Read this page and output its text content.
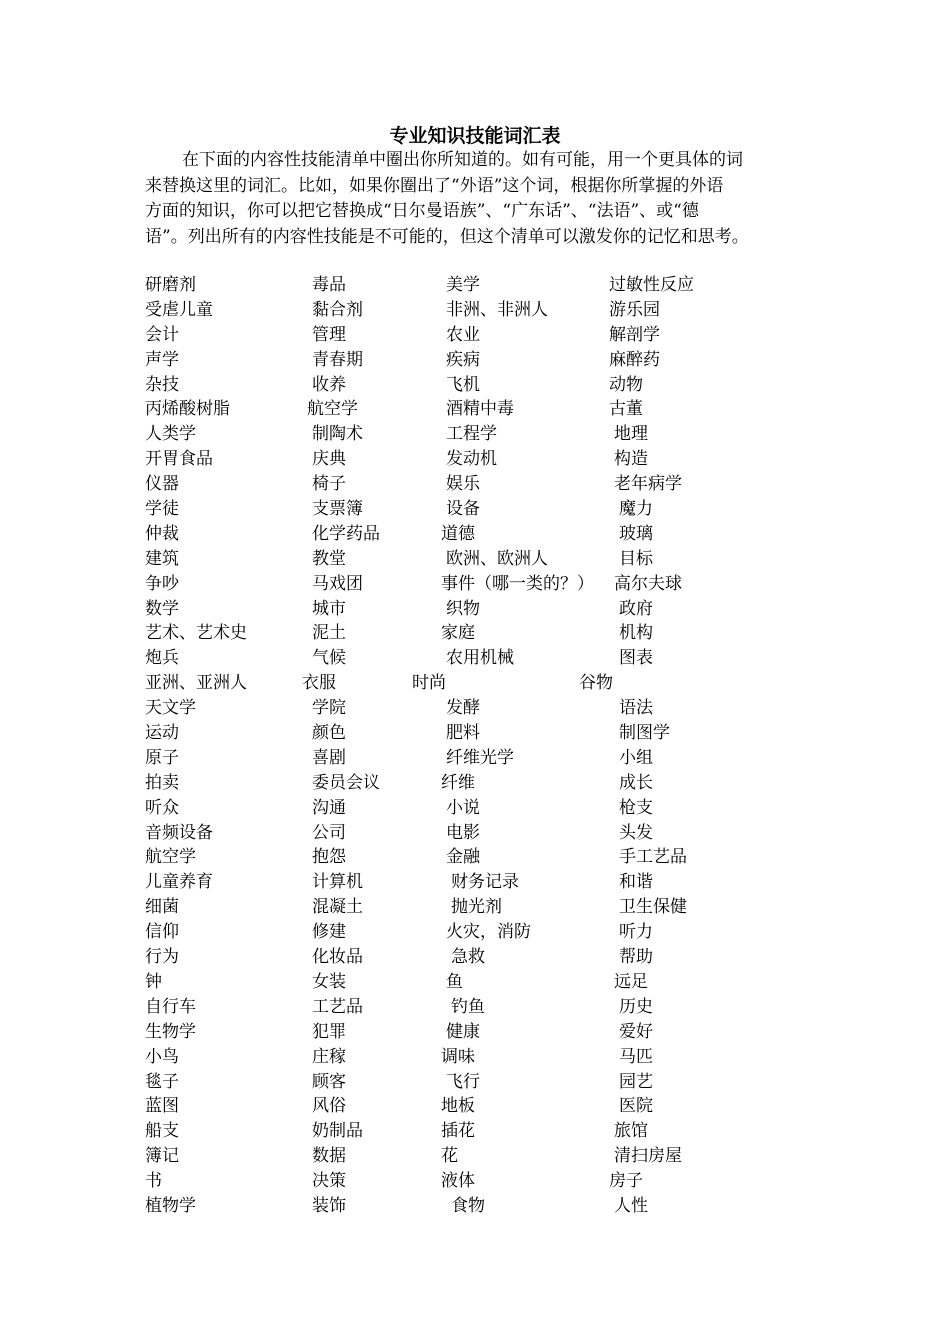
专业知识技能词汇表

在下面的内容性技能清单中圈出你所知道的。如有可能，用一个更具体的词
来替换这里的词汇。比如，如果你圈出了“外语”这个词，根据你所掌握的外语
方面的知识，你可以把它替换成“日尔曼语族”、“广东话”、“法语”、或“德
语”。列出所有的内容性技能是不可能的，但这个清单可以激发你的记忆和思考。

研磨剂	毒品	美学	过敏性反应
受虐儿童	黏合剂	非洲、非洲人	游乐园
会计	管理	农业	解剖学
声学	青春期	疾病	麻醉药
杂技	收养	飞机	动物
丙烯酸树脂	航空学	酒精中毒	古董
人类学	制陶术	工程学	地理
开胃食品	庆典	发动机	构造
仪器	椅子	娱乐	老年病学
学徒	支票簿	设备	魔力
仲裁	化学药品	道德	玻璃
建筑	教堂	欧洲、欧洲人	目标
争吵	马戏团	事件（哪一类的？） 高尔夫球
数学	城市	织物	政府
艺术、艺术史	泥土	家庭	机构
炮兵	气候	农用机械	图表
亚洲、亚洲人	衣服	时尚	谷物
天文学	学院	发酵	语法
运动	颜色	肥料	制图学
原子	喜剧	纤维光学	小组
拍卖	委员会议	纤维	成长
听众	沟通	小说	枪支
音频设备	公司	电影	头发
航空学	抱怨	金融	手工艺品
儿童养育	计算机	财务记录	和谐
细菌	混凝土	抛光剂	卫生保健
信仰	修建	火灾，消防	听力
行为	化妆品	急救	帮助
钟	女装	鱼	远足
自行车	工艺品	钓鱼	历史
生物学	犯罪	健康	爱好
小鸟	庄稼	调味	马匹
毯子	顾客	飞行	园艺
蓝图	风俗	地板	医院
船支	奶制品	插花	旅馆
簿记	数据	花	清扫房屋
书	决策	液体	房子
植物学	装饰	食物	人性
